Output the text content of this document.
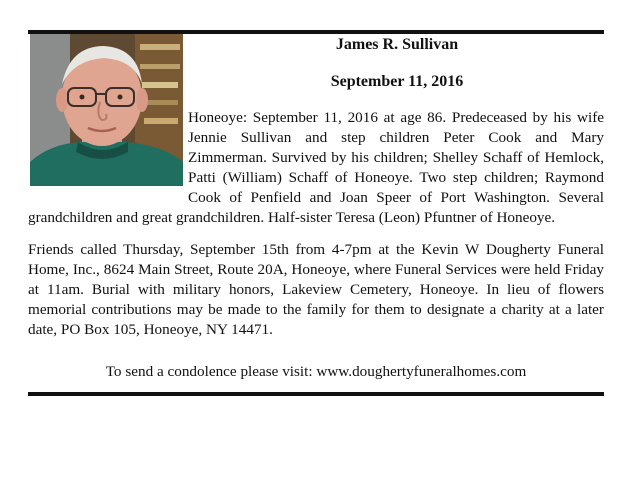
James R. Sullivan
September 11, 2016

Honeoye: September 11, 2016 at age 86. Predeceased by his wife Jennie Sullivan and step children Peter Cook and Mary Zimmerman. Survived by his children; Shelley Schaff of Hemlock, Patti (William) Schaff of Honeoye. Two step children; Raymond Cook of Penfield and Joan Speer of Port Washington. Several grandchildren and great grandchildren. Half-sister Teresa (Leon) Pfuntner of Honeoye.

Friends called Thursday, September 15th from 4-7pm at the Kevin W Dougherty Funeral Home, Inc., 8624 Main Street, Route 20A, Honeoye, where Funeral Services were held Friday at 11am. Burial with military honors, Lakeview Cemetery, Honeoye. In lieu of flowers memorial contributions may be made to the family for them to designate a charity at a later date, PO Box 105, Honeoye, NY 14471.

To send a condolence please visit: www.doughertyfuneralhomes.com
